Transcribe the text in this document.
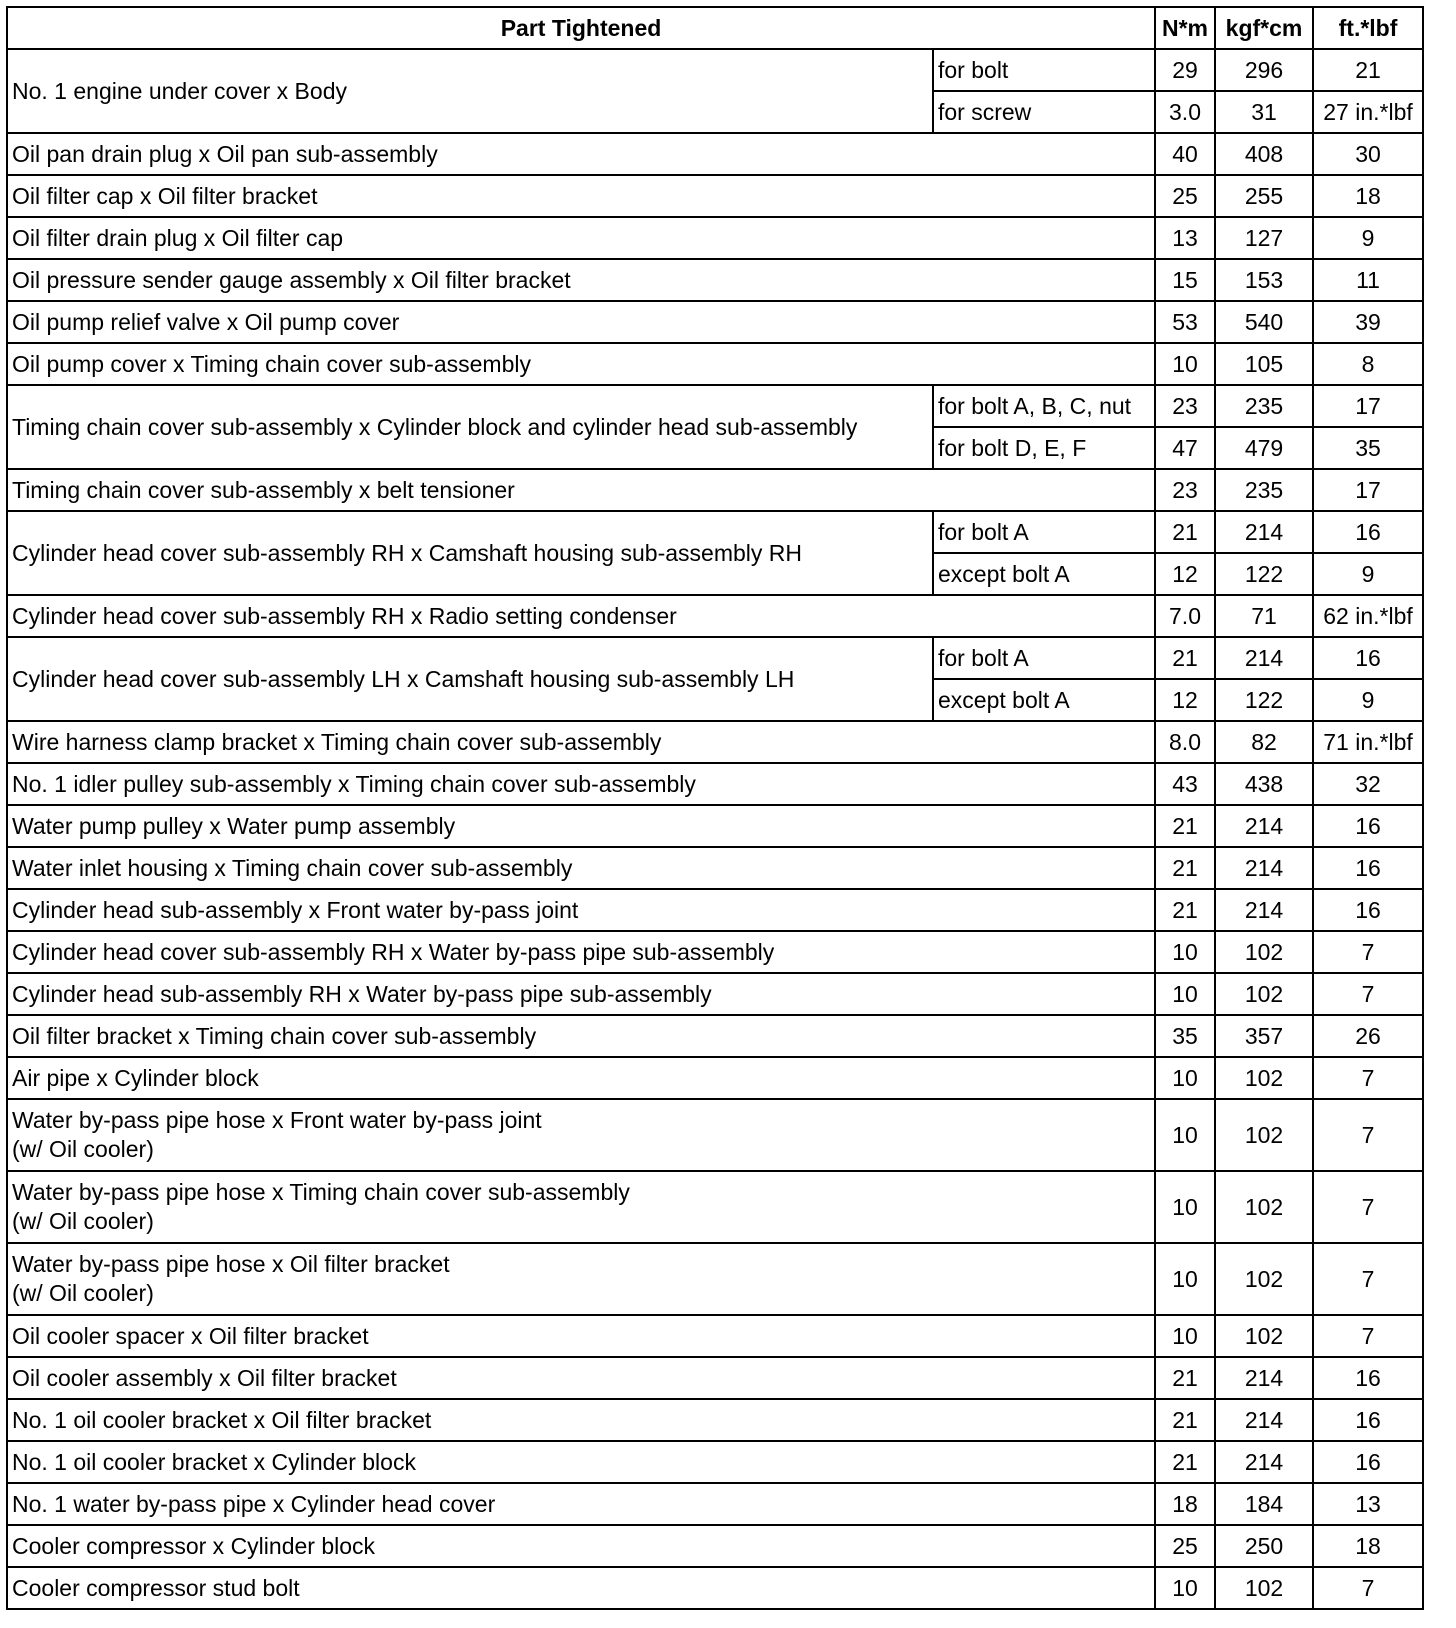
Part Tightened		N*m	kgf*cm	ft.*lbf
No. 1 engine under cover x Body	for bolt	29	296	21
	for screw	3.0	31	27 in.*lbf
Oil pan drain plug x Oil pan sub-assembly		40	408	30
Oil filter cap x Oil filter bracket		25	255	18
Oil filter drain plug x Oil filter cap		13	127	9
Oil pressure sender gauge assembly x Oil filter bracket		15	153	11
Oil pump relief valve x Oil pump cover		53	540	39
Oil pump cover x Timing chain cover sub-assembly		10	105	8
Timing chain cover sub-assembly x Cylinder block and cylinder head sub-assembly	for bolt A, B, C, nut	23	235	17
	for bolt D, E, F	47	479	35
Timing chain cover sub-assembly x belt tensioner		23	235	17
Cylinder head cover sub-assembly RH x Camshaft housing sub-assembly RH	for bolt A	21	214	16
	except bolt A	12	122	9
Cylinder head cover sub-assembly RH x Radio setting condenser		7.0	71	62 in.*lbf
Cylinder head cover sub-assembly LH x Camshaft housing sub-assembly LH	for bolt A	21	214	16
	except bolt A	12	122	9
Wire harness clamp bracket x Timing chain cover sub-assembly		8.0	82	71 in.*lbf
No. 1 idler pulley sub-assembly x Timing chain cover sub-assembly		43	438	32
Water pump pulley x Water pump assembly		21	214	16
Water inlet housing x Timing chain cover sub-assembly		21	214	16
Cylinder head sub-assembly x Front water by-pass joint		21	214	16
Cylinder head cover sub-assembly RH x Water by-pass pipe sub-assembly		10	102	7
Cylinder head sub-assembly RH x Water by-pass pipe sub-assembly		10	102	7
Oil filter bracket x Timing chain cover sub-assembly		35	357	26
Air pipe x Cylinder block		10	102	7
Water by-pass pipe hose x Front water by-pass joint
(w/ Oil cooler)		10	102	7
Water by-pass pipe hose x Timing chain cover sub-assembly
(w/ Oil cooler)		10	102	7
Water by-pass pipe hose x Oil filter bracket
(w/ Oil cooler)		10	102	7
Oil cooler spacer x Oil filter bracket		10	102	7
Oil cooler assembly x Oil filter bracket		21	214	16
No. 1 oil cooler bracket x Oil filter bracket		21	214	16
No. 1 oil cooler bracket x Cylinder block		21	214	16
No. 1 water by-pass pipe x Cylinder head cover		18	184	13
Cooler compressor x Cylinder block		25	250	18
Cooler compressor stud bolt		10	102	7
